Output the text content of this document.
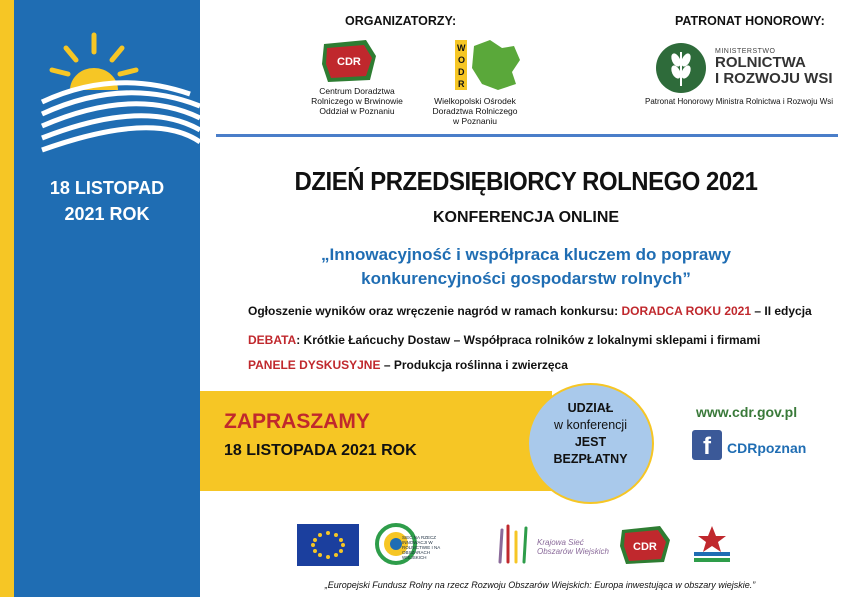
18 LISTOPAD
2021 ROK
ORGANIZATORZY:
CDR
Centrum Doradztwa
Rolniczego w Brwinowie
Oddział w Poznaniu
W
O
D
R
Wielkopolski Ośrodek
Doradztwa Rolniczego
w Poznaniu
PATRONAT HONOROWY:
MINISTERSTWO
ROLNICTWA
I ROZWOJU WSI
Patronat Honorowy Ministra Rolnictwa i Rozwoju Wsi
DZIEŃ PRZEDSIĘBIORCY ROLNEGO 2021
KONFERENCJA ONLINE
„Innowacyjność i współpraca kluczem do poprawy
konkurencyjności gospodarstw rolnych”
Ogłoszenie wyników oraz wręczenie nagród w ramach konkursu: DORADCA ROKU 2021 – II edycja
DEBATA: Krótkie Łańcuchy Dostaw – Współpraca rolników z lokalnymi sklepami i firmami
PANELE DYSKUSYJNE – Produkcja roślinna i zwierzęca
ZAPRASZAMY
18 LISTOPADA 2021 ROK
UDZIAŁ
w konferencji
JEST
BEZPŁATNY
www.cdr.gov.pl
f	CDRpoznan
SIEĆ NA RZECZ INNOWACJI W ROLNICTWIE I NA OBSZARACH WIEJSKICH
Krajowa Sieć
Obszarów Wiejskich CDR
„Europejski Fundusz Rolny na rzecz Rozwoju Obszarów Wiejskich: Europa inwestująca w obszary wiejskie.”
